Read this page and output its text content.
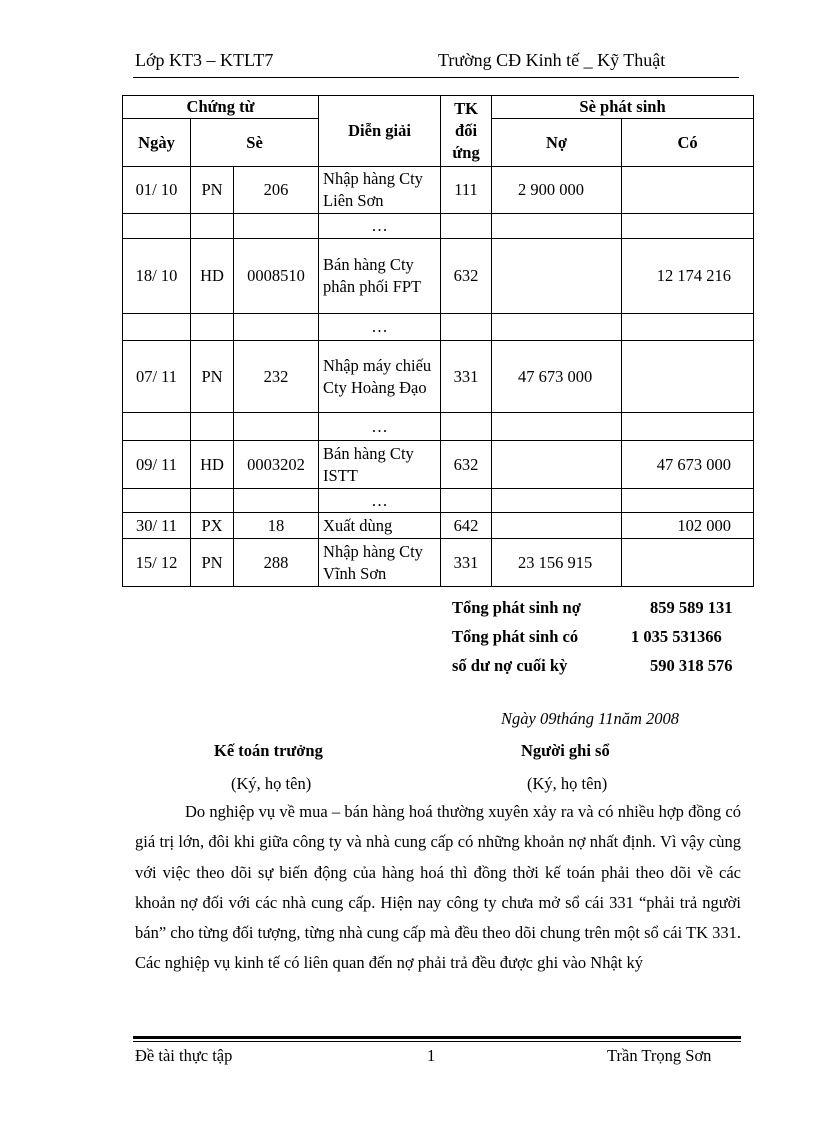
Lớp KT3 – KTLT7	Trường CĐ Kinh tế _ Kỹ Thuật
Chứng từ			Diễn giải	TK đối ứng	Sè phát sinh	
Ngày	Sè				Nợ	Có
01/ 10	PN	206	Nhập hàng Cty Liên Sơn	111	2 900 000	
			…			
18/ 10	HD	0008510	Bán hàng Cty phân phối FPT	632		12 174 216
			…			
07/ 11	PN	232	Nhập máy chiếu Cty Hoàng Đạo	331	47 673 000	
			…			
09/ 11	HD	0003202	Bán hàng Cty ISTT	632		47 673 000
			…			
30/ 11	PX	18	Xuất dùng	642		102 000
15/ 12	PN	288	Nhập hàng Cty Vĩnh Sơn	331	23 156 915	
Tổng phát sinh nợ	859 589 131
Tổng phát sinh có	1 035 531366
số dư nợ cuối kỳ	590 318 576
Ngày 09tháng 11năm 2008
Kế toán trưởng
(Ký, họ tên)
Người ghi sổ
(Ký, họ tên)

Do nghiệp vụ về mua – bán hàng hoá thường xuyên xảy ra và có nhiều hợp đồng có giá trị lớn, đôi khi giữa công ty và nhà cung cấp có những khoản nợ nhất định. Vì vậy cùng với việc theo dõi sự biến động của hàng hoá thì đồng thời kế toán phải theo dõi về các khoản nợ đối với các nhà cung cấp. Hiện nay công ty chưa mở sổ cái 331 “phải trả người bán” cho từng đối tượng, từng nhà cung cấp mà đều theo dõi chung trên một sổ cái TK 331. Các nghiệp vụ kinh tế có liên quan đến nợ phải trả đều được ghi vào Nhật ký

Đề tài thực tập	1	Trần Trọng Sơn
